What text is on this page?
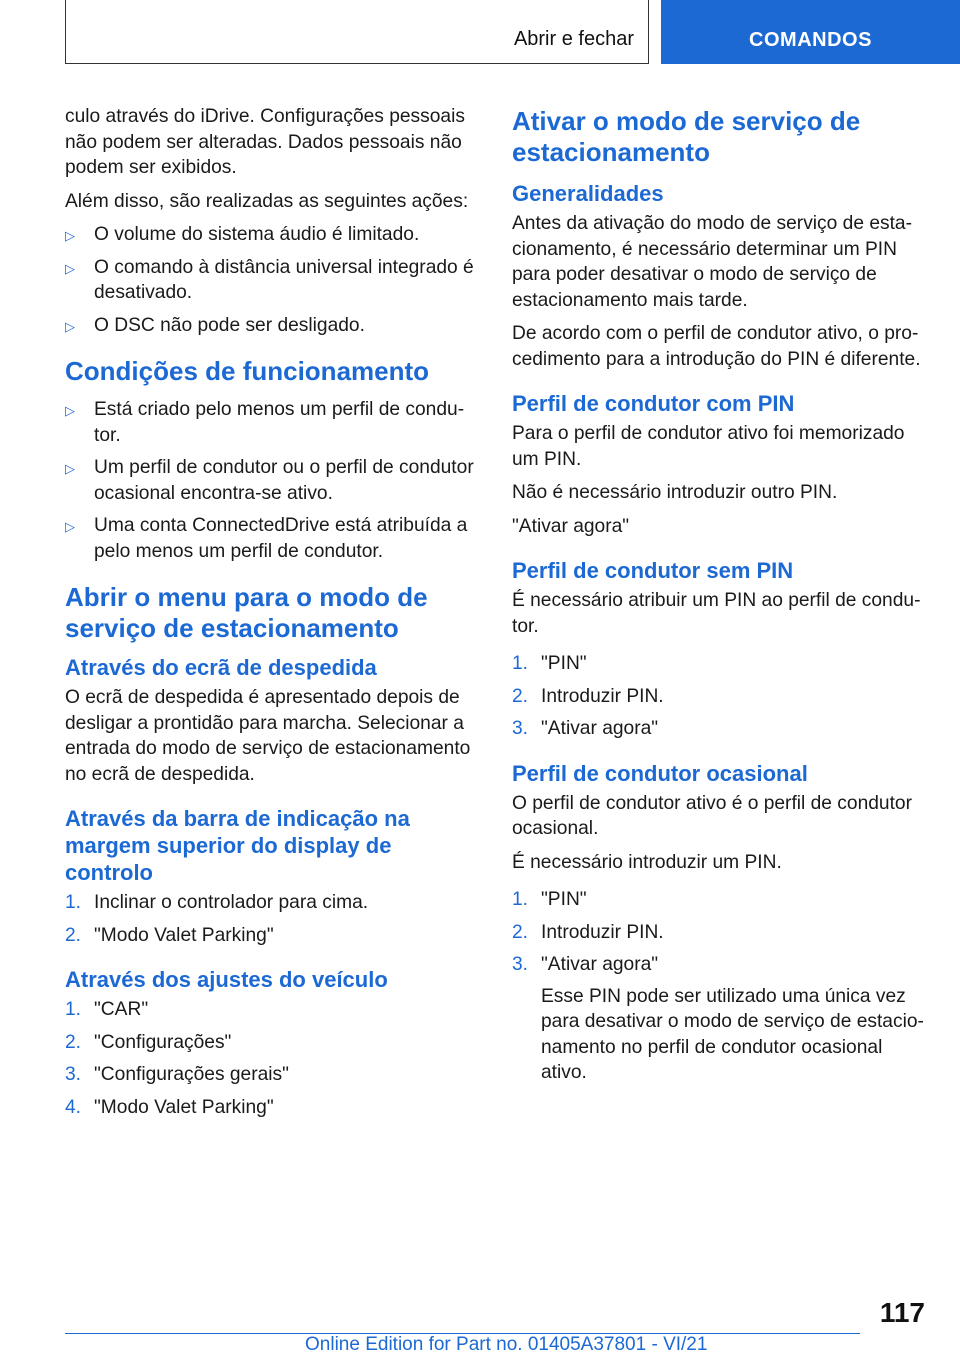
Abrir e fechar	COMANDOS

culo através do iDrive. Configurações pessoais não podem ser alteradas. Dados pessoais não podem ser exibidos.

Além disso, são realizadas as seguintes ações:

▷ O volume do sistema áudio é limitado.
▷ O comando à distância universal integrado é desativado.
▷ O DSC não pode ser desligado.
Condições de funcionamento
▷ Está criado pelo menos um perfil de condutor.
▷ Um perfil de condutor ou o perfil de condutor ocasional encontra-se ativo.
▷ Uma conta ConnectedDrive está atribuída a pelo menos um perfil de condutor.
Abrir o menu para o modo de serviço de estacionamento
Através do ecrã de despedida

O ecrã de despedida é apresentado depois de desligar a prontidão para marcha. Selecionar a entrada do modo de serviço de estacionamento no ecrã de despedida.

Através da barra de indicação na margem superior do display de controlo
1. Inclinar o controlador para cima.
2. "Modo Valet Parking"
Através dos ajustes do veículo
1. "CAR"
2. "Configurações"
3. "Configurações gerais"
4. "Modo Valet Parking"
Ativar o modo de serviço de estacionamento
Generalidades

Antes da ativação do modo de serviço de estacionamento, é necessário determinar um PIN para poder desativar o modo de serviço de estacionamento mais tarde.

De acordo com o perfil de condutor ativo, o procedimento para a introdução do PIN é diferente.

Perfil de condutor com PIN

Para o perfil de condutor ativo foi memorizado um PIN.

Não é necessário introduzir outro PIN.

"Ativar agora"

Perfil de condutor sem PIN

É necessário atribuir um PIN ao perfil de condutor.

1. "PIN"
2. Introduzir PIN.
3. "Ativar agora"
Perfil de condutor ocasional

O perfil de condutor ativo é o perfil de condutor ocasional.

É necessário introduzir um PIN.

1. "PIN"
2. Introduzir PIN.
3. "Ativar agora"

Esse PIN pode ser utilizado uma única vez para desativar o modo de serviço de estacionamento no perfil de condutor ocasional ativo.

117
Online Edition for Part no. 01405A37801 - VI/21
